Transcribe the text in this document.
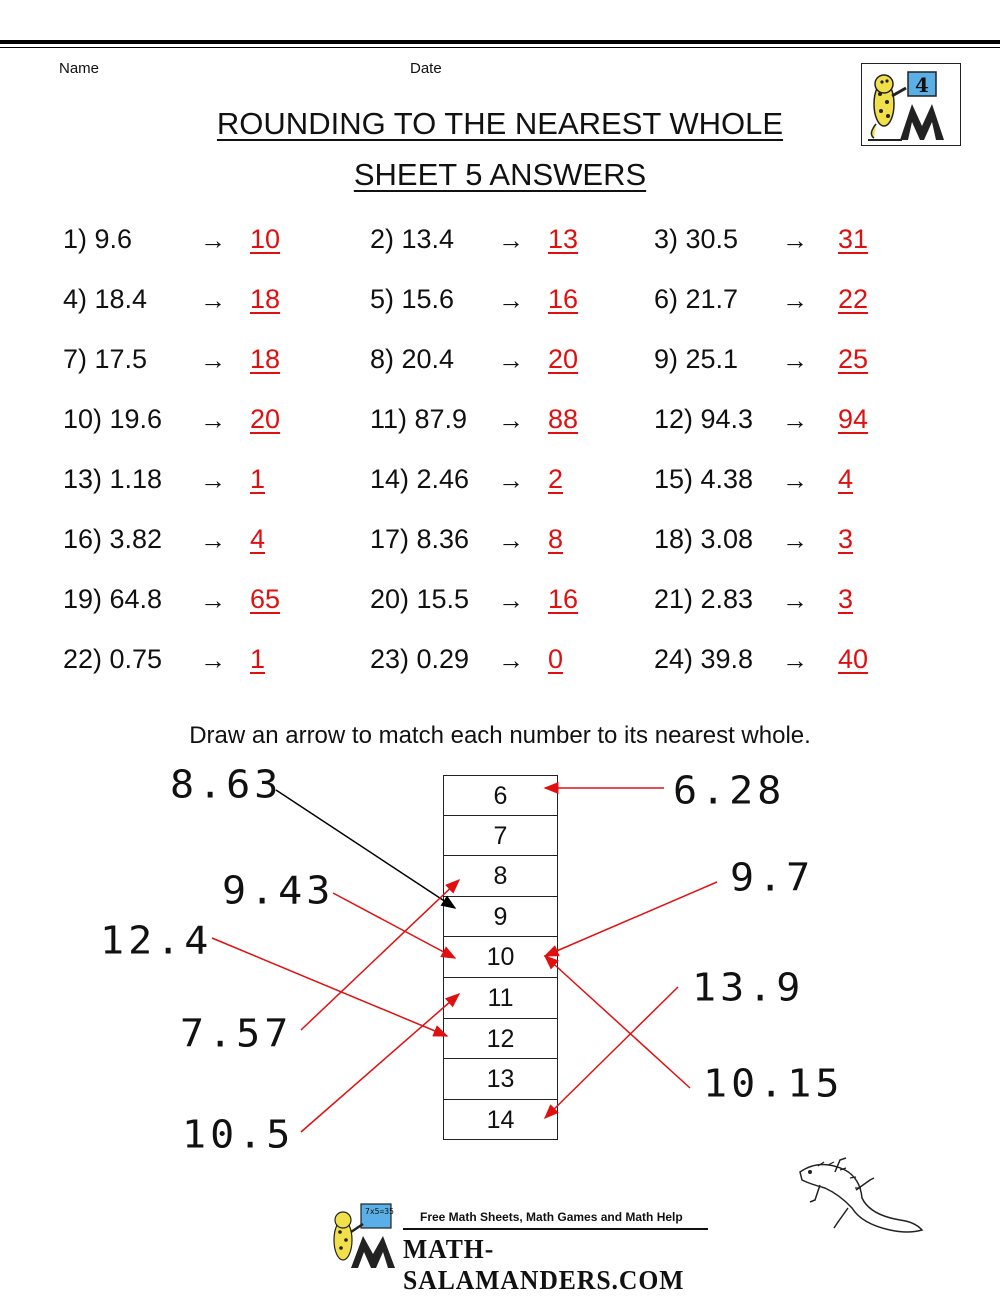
Name	Date
ROUNDING TO THE NEAREST WHOLE
SHEET 5 ANSWERS
4
1) 9.6	→ 10	2) 13.4 → 13	3) 30.5 → 31
4) 18.4 → 18	5) 15.6 → 16	6) 21.7 → 22
7) 17.5 → 18	8) 20.4 → 20	9) 25.1 → 25
10) 19.6 → 20	11) 87.9 → 88	12) 94.3 → 94
13) 1.18 → 1	14) 2.46 → 2	15) 4.38 → 4
16) 3.82 → 4	17) 8.36 → 8	18) 3.08 → 3
19) 64.8 → 65	20) 15.5 → 16	21) 2.83 → 3
22) 0.75 → 1	23) 0.29 → 0	24) 39.8 → 40
Draw an arrow to match each number to its nearest whole.
6
7
8
9
10
11
12
13
14
8.63
9.43
12.4
7.57
10.5
6.28
9.7
13.9
10.15
7x5=35 Free Math Sheets, Math Games and Math Help
MATH-SALAMANDERS.COM
